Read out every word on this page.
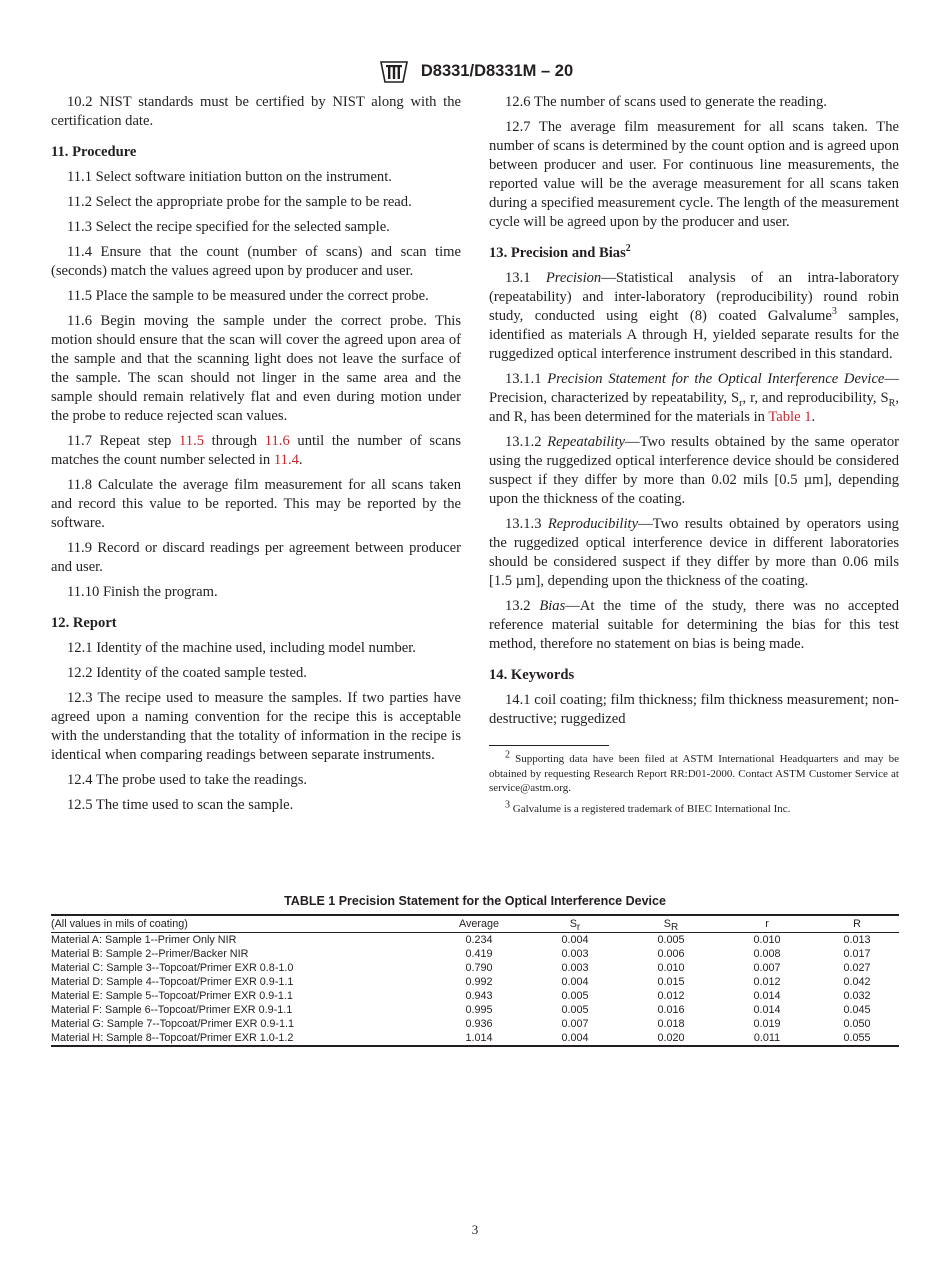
D8331/D8331M – 20

10.2 NIST standards must be certified by NIST along with the certification date.

11. Procedure

11.1 Select software initiation button on the instrument.

11.2 Select the appropriate probe for the sample to be read.

11.3 Select the recipe specified for the selected sample.

11.4 Ensure that the count (number of scans) and scan time (seconds) match the values agreed upon by producer and user.

11.5 Place the sample to be measured under the correct probe.

11.6 Begin moving the sample under the correct probe. This motion should ensure that the scan will cover the agreed upon area of the sample and that the scanning light does not leave the surface of the sample. The scan should not linger in the same area and the sample should remain relatively flat and even during motion under the probe to reduce rejected scan values.

11.7 Repeat step 11.5 through 11.6 until the number of scans matches the count number selected in 11.4.

11.8 Calculate the average film measurement for all scans taken and record this value to be reported. This may be reported by the software.

11.9 Record or discard readings per agreement between producer and user.

11.10 Finish the program.

12. Report

12.1 Identity of the machine used, including model number.

12.2 Identity of the coated sample tested.

12.3 The recipe used to measure the samples. If two parties have agreed upon a naming convention for the recipe this is acceptable with the understanding that the totality of information in the recipe is identical when comparing readings between separate instruments.

12.4 The probe used to take the readings.

12.5 The time used to scan the sample.

12.6 The number of scans used to generate the reading.

12.7 The average film measurement for all scans taken. The number of scans is determined by the count option and is agreed upon between producer and user. For continuous line measurements, the reported value will be the average measurement for all scans taken during a specified measurement cycle. The length of the measurement cycle will be agreed upon by the producer and user.

13. Precision and Bias$^2$

13.1 Precision—Statistical analysis of an intra-laboratory (repeatability) and inter-laboratory (reproducibility) round robin study, conducted using eight (8) coated Galvalume$^3$ samples, identified as materials A through H, yielded separate results for the ruggedized optical interference instrument described in this standard.

13.1.1 Precision Statement for the Optical Interference Device—Precision, characterized by repeatability, $S_r$, r, and reproducibility, $S_R$, and R, has been determined for the materials in Table 1.

13.1.2 Repeatability—Two results obtained by the same operator using the ruggedized optical interference device should be considered suspect if they differ by more than 0.02 mils [0.5 µm], depending upon the thickness of the coating.

13.1.3 Reproducibility—Two results obtained by operators using the ruggedized optical interference device in different laboratories should be considered suspect if they differ by more than 0.06 mils [1.5 µm], depending upon the thickness of the coating.

13.2 Bias—At the time of the study, there was no accepted reference material suitable for determining the bias for this test method, therefore no statement on bias is being made.

14. Keywords

14.1 coil coating; film thickness; film thickness measurement; non-destructive; ruggedized

$^2$ Supporting data have been filed at ASTM International Headquarters and may be obtained by requesting Research Report RR:D01-2000. Contact ASTM Customer Service at service@astm.org.

$^3$ Galvalume is a registered trademark of BIEC International Inc.

TABLE 1 Precision Statement for the Optical Interference Device
(All values in mils of coating)	Average	$S_r$	$S_R$	r	R
Material A: Sample 1--Primer Only NIR	0.234	0.004	0.005	0.010	0.013
Material B: Sample 2--Primer/Backer NIR	0.419	0.003	0.006	0.008	0.017
Material C: Sample 3--Topcoat/Primer EXR 0.8-1.0	0.790	0.003	0.010	0.007	0.027
Material D: Sample 4--Topcoat/Primer EXR 0.9-1.1	0.992	0.004	0.015	0.012	0.042
Material E: Sample 5--Topcoat/Primer EXR 0.9-1.1	0.943	0.005	0.012	0.014	0.032
Material F: Sample 6--Topcoat/Primer EXR 0.9-1.1	0.995	0.005	0.016	0.014	0.045
Material G: Sample 7--Topcoat/Primer EXR 0.9-1.1	0.936	0.007	0.018	0.019	0.050
Material H: Sample 8--Topcoat/Primer EXR 1.0-1.2	1.014	0.004	0.020	0.011	0.055
3
